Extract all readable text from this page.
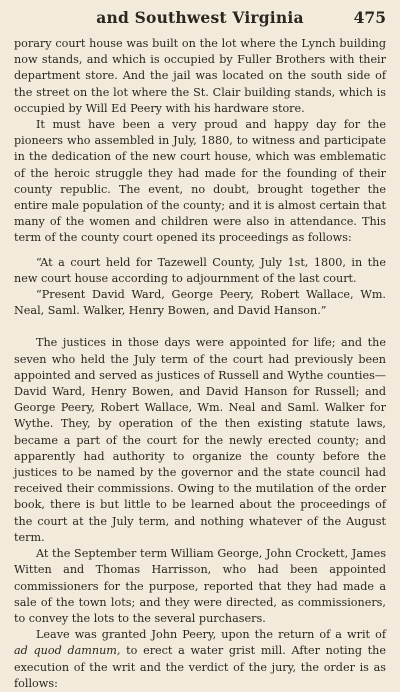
and Southwest Virginia	475

porary court house was built on the lot where the Lynch building now stands, and which is occupied by Fuller Brothers with their department store. And the jail was located on the south side of the street on the lot where the St. Clair building stands, which is occupied by Will Ed Peery with his hardware store.

It must have been a very proud and happy day for the pioneers who assembled in July, 1880, to witness and participate in the dedication of the new court house, which was emblematic of the heroic struggle they had made for the founding of their county republic. The event, no doubt, brought together the entire male population of the county; and it is almost certain that many of the women and children were also in attendance. This term of the county court opened its proceedings as follows:

“At a court held for Tazewell County, July 1st, 1800, in the new court house according to adjournment of the last court.

“Present David Ward, George Peery, Robert Wallace, Wm. Neal, Saml. Walker, Henry Bowen, and David Hanson.”

The justices in those days were appointed for life; and the seven who held the July term of the court had previously been appointed and served as justices of Russell and Wythe counties—David Ward, Henry Bowen, and David Hanson for Russell; and George Peery, Robert Wallace, Wm. Neal and Saml. Walker for Wythe. They, by operation of the then existing statute laws, became a part of the court for the newly erected county; and apparently had authority to organize the county before the justices to be named by the governor and the state council had received their commissions. Owing to the mutilation of the order book, there is but little to be learned about the proceedings of the court at the July term, and nothing whatever of the August term.

At the September term William George, John Crockett, James Witten and Thomas Harrisson, who had been appointed commissioners for the purpose, reported that they had made a sale of the town lots; and they were directed, as commissioners, to convey the lots to the several purchasers.

Leave was granted John Peery, upon the return of a writ of ad quod damnum, to erect a water grist mill. After noting the execution of the writ and the verdict of the jury, the order is as follows:
